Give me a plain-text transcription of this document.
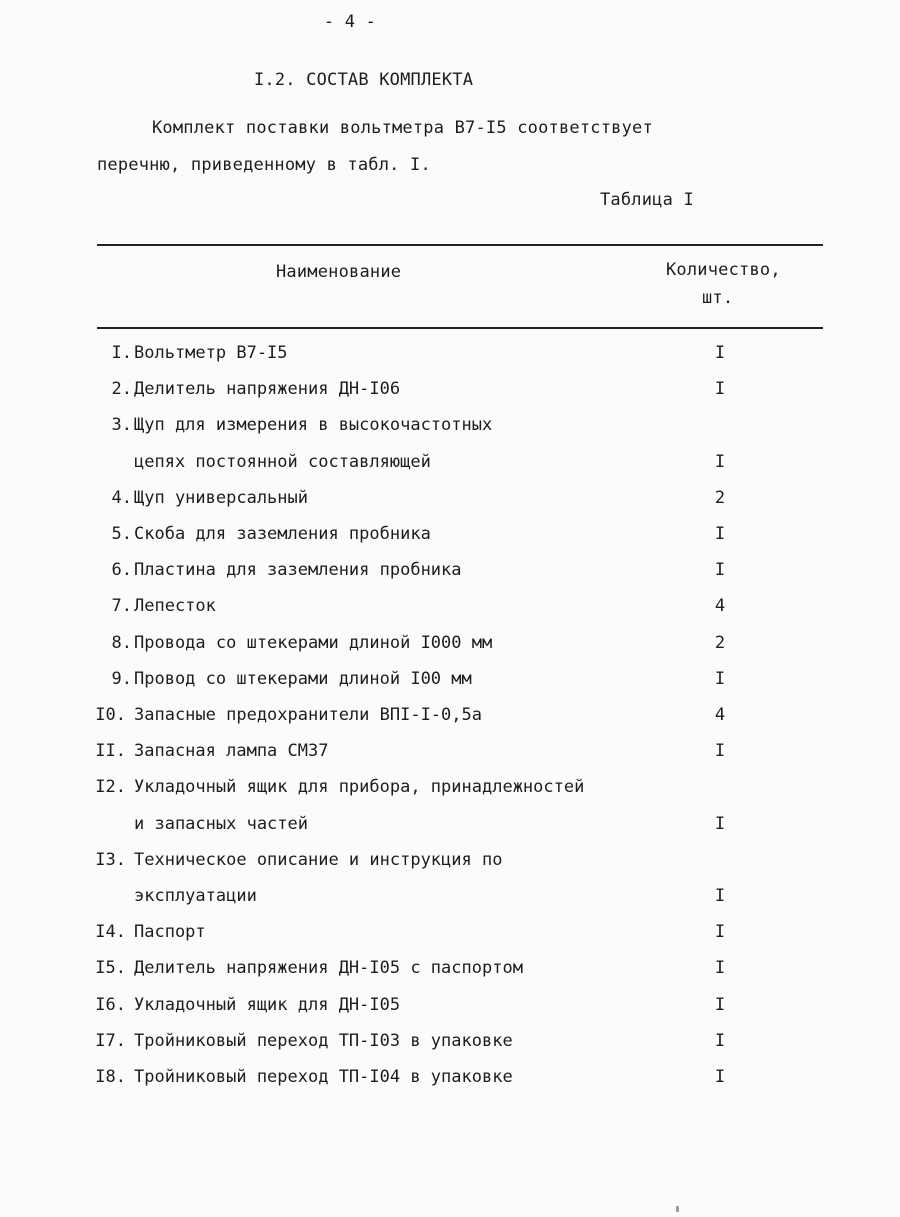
- 4 -
I.2. СОСТАВ КОМПЛЕКТА
Комплект поставки вольтметра В7-I5 соответствует
перечню, приведенному в табл. I.
Таблица I
Наименование	Количество,
шт.
I. Вольтметр В7-I5	I
2. Делитель напряжения ДН-I06	I
3. Щуп для измерения в высокочастотных
цепях постоянной составляющей	I
4. Щуп универсальный	2
5. Скоба для заземления пробника	I
6. Пластина для заземления пробника	I
7. Лепесток	4
8. Провода со штекерами длиной I000 мм	2
9. Провод со штекерами длиной I00 мм	I
I0. Запасные предохранители ВПI-I-0,5а	4
II. Запасная лампа СМ37	I
I2. Укладочный ящик для прибора, принадлежностей
и запасных частей	I
I3. Техническое описание и инструкция по
эксплуатации	I
I4. Паспорт	I
I5. Делитель напряжения ДН-I05 с паспортом	I
I6. Укладочный ящик для ДН-I05	I
I7. Тройниковый переход ТП-I03 в упаковке	I
I8. Тройниковый переход ТП-I04 в упаковке	I
